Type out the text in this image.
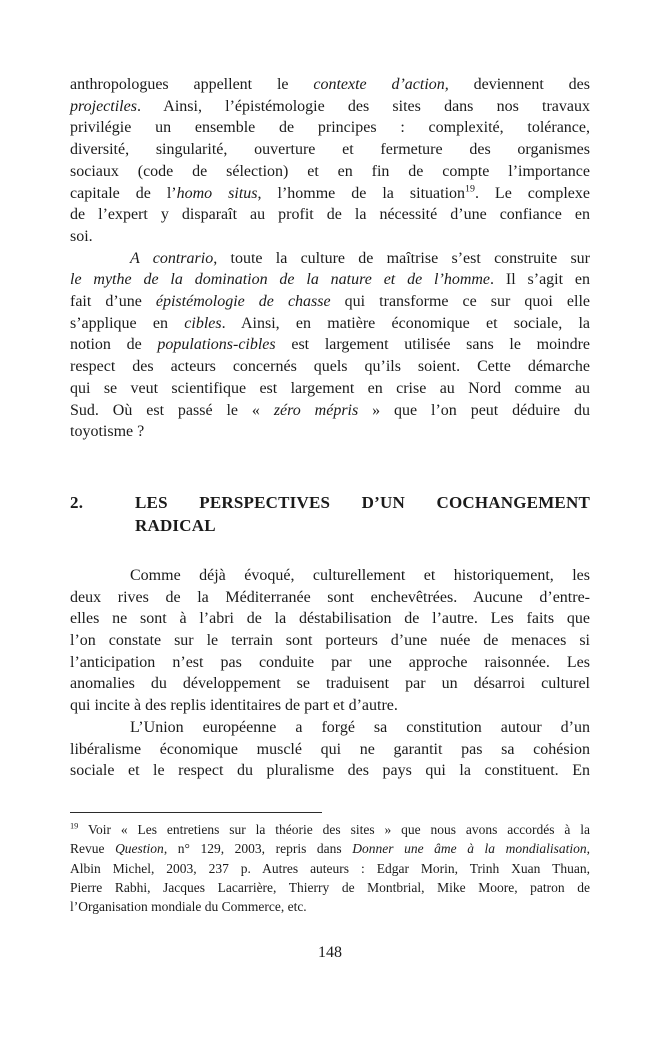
anthropologues appellent le contexte d’action, deviennent des
projectiles. Ainsi, l’épistémologie des sites dans nos travaux
privilégie un ensemble de principes : complexité, tolérance,
diversité, singularité, ouverture et fermeture des organismes
sociaux (code de sélection) et en fin de compte l’importance
capitale de l’homo situs, l’homme de la situation$^{19}$. Le complexe
de l’expert y disparaît au profit de la nécessité d’une confiance en
soi.
A contrario, toute la culture de maîtrise s’est construite sur
le mythe de la domination de la nature et de l’homme. Il s’agit en
fait d’une épistémologie de chasse qui transforme ce sur quoi elle
s’applique en cibles. Ainsi, en matière économique et sociale, la
notion de populations-cibles est largement utilisée sans le moindre
respect des acteurs concernés quels qu’ils soient. Cette démarche
qui se veut scientifique est largement en crise au Nord comme au
Sud. Où est passé le « zéro mépris » que l’on peut déduire du
toyotisme ?
2.	LES PERSPECTIVES D’UN COCHANGEMENT
RADICAL
Comme déjà évoqué, culturellement et historiquement, les
deux rives de la Méditerranée sont enchevêtrées. Aucune d’entre-
elles ne sont à l’abri de la déstabilisation de l’autre. Les faits que
l’on constate sur le terrain sont porteurs d’une nuée de menaces si
l’anticipation n’est pas conduite par une approche raisonnée. Les
anomalies du développement se traduisent par un désarroi culturel
qui incite à des replis identitaires de part et d’autre.
L’Union européenne a forgé sa constitution autour d’un
libéralisme économique musclé qui ne garantit pas sa cohésion
sociale et le respect du pluralisme des pays qui la constituent. En
$^{19}$ Voir « Les entretiens sur la théorie des sites » que nous avons accordés à la
Revue Question, n° 129, 2003, repris dans Donner une âme à la mondialisation,
Albin Michel, 2003, 237 p. Autres auteurs : Edgar Morin, Trinh Xuan Thuan,
Pierre Rabhi, Jacques Lacarrière, Thierry de Montbrial, Mike Moore, patron de
l’Organisation mondiale du Commerce, etc.
148
